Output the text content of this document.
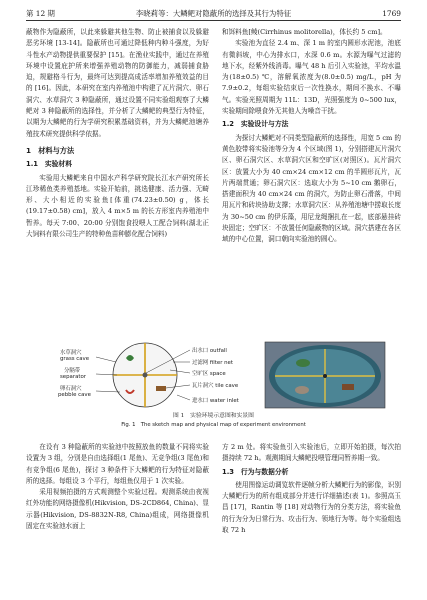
第 12 期	李晓莉等：大鳞鲃对隐蔽所的选择及其行为特征	1769

蔽物作为隐蔽所，以此来躲避其他生物、防止被捕食以及躲避恶劣环境 [13-14]。隐蔽所也可通过降低种内种斗强度，为好斗性水产动物提供重要保护 [15]。在渔业实践中，通过在养殖环境中设置庇护所来增强养殖动物的防御能力，减弱捕食胁迫，规避格斗行为，最终可达到提高成活率增加养殖效益的目的 [16]。因此，本研究在室内养殖池中构建了瓦片洞穴、卵石洞穴、水草洞穴 3 种隐蔽所，通过设置不同实验组观察了大鳞鲃对 3 种隐蔽所的选择性，并分析了大鳞鲃的典型行为特征，以期为大鳞鲃的行为学研究积累基础资料，并为大鳞鲃池塘养殖技术研究提供科学依据。

1　材料与方法

1.1　实验材料

实验用大鳞鲃来自中国水产科学研究院长江水产研究所长江珍稀鱼类养殖基地。实验开始前，挑选健康、活力强、无畸形、大小相近的实验鱼[体重(74.23±0.50) g，体长(19.17±0.58) cm]，放入 4 m×5 m 的长方形室内养殖池中暂养。每天 7:00、20:00 分别饱食投喂人工配合饲料(湖北正大饲料有限公司生产的特种鱼苗种膨化配合饲料)

和饵料鱼[鲮(Cirrhinus molitorella)，体长约 5 cm]。

实验池为直径 2.4 m、深 1 m 的室内圆形水泥池，池底有微斜坡，中心为排水口，水深 0.6 m。水源为曝气过滤的地下水，经紫外线消毒。曝气 48 h 后引入实验池，平均水温为(18±0.5) ℃，溶解氧浓度为(8.0±0.5) mg/L，pH 为 7.9±0.2，每组实验结束后一次性换水，期间不换水、不曝气。实验光照周期为 11L：13D，光照强度为 0~500 lux，实验期间除喂食外无其他人为噪音干扰。

1.2　实验设计与方法

为探讨大鳞鲃对不同类型隐蔽所的选择性，用宽 5 cm 的黄色胶带将实验池等分为 4 个区域(图 1)，分别搭建瓦片洞穴区、卵石洞穴区、水草洞穴区和空旷区(对照区)。瓦片洞穴区：放置大小为 40 cm×24 cm×12 cm 的半圆形瓦片，瓦片两端贯通；卵石洞穴区：选取大小为 5~10 cm 鹅卵石，搭建面积为 40 cm×24 cm 的洞穴，为防止卵石滑落，中间用瓦片和砖块协助支撑；水草洞穴区：从养殖池塘中捞取长度为 30~50 cm 的伊乐藻，用尼龙绳捆扎在一起，底部悬挂砖块固定；空旷区：不放置任何隐蔽物的区域。洞穴搭建在各区域的中心位置，洞口朝向实验池的圆心。

水草洞穴
grass cave
分隔带
separator
卵石洞穴
pebble cave
出水口 outfall
过滤网 filter net
空旷区 space
瓦片洞穴 tile cave
进水口 water inlet
图 1　实验环境示意图和实景图
Fig. 1　The sketch map and physical map of experiment environment

在设有 3 种隐蔽所的实验池中按照放鱼的数量不同将实验设置为 3 组，分别是自由选择组(1 尾鱼)、无竞争组(3 尾鱼)和有竞争组(6 尾鱼)，探讨 3 种条件下大鳞鲃的行为特征对隐蔽所的选择。每组设 3 个平行，每组鱼仅用于 1 次实验。

采用视频拍摄的方式观测整个实验过程。观测系统由夜视红外功能的网络摄像机(Hikvision, DS-2CD864, China)、显示器(Hikvision, DS-8832N-R8, China)组成，网络摄像机固定在实验池水面上

方 2 m 处。将实验鱼引入实验池后，立即开始拍摄，每次拍摄持续 72 h。观测期间大鳞鲃投喂管理同暂养期一致。

1.3　行为与数据分析

使用图像运动调览软件逐帧分析大鳞鲃行为的影像，识别大鳞鲃行为的所有组成部分并进行详细描述(表 1)。参照高玉昌 [17]，Rantin 等 [18] 对动物行为的分类方法，将实验鱼的行为分为日常行为、攻击行为、领地行为等。每个实验组选取 72 h
